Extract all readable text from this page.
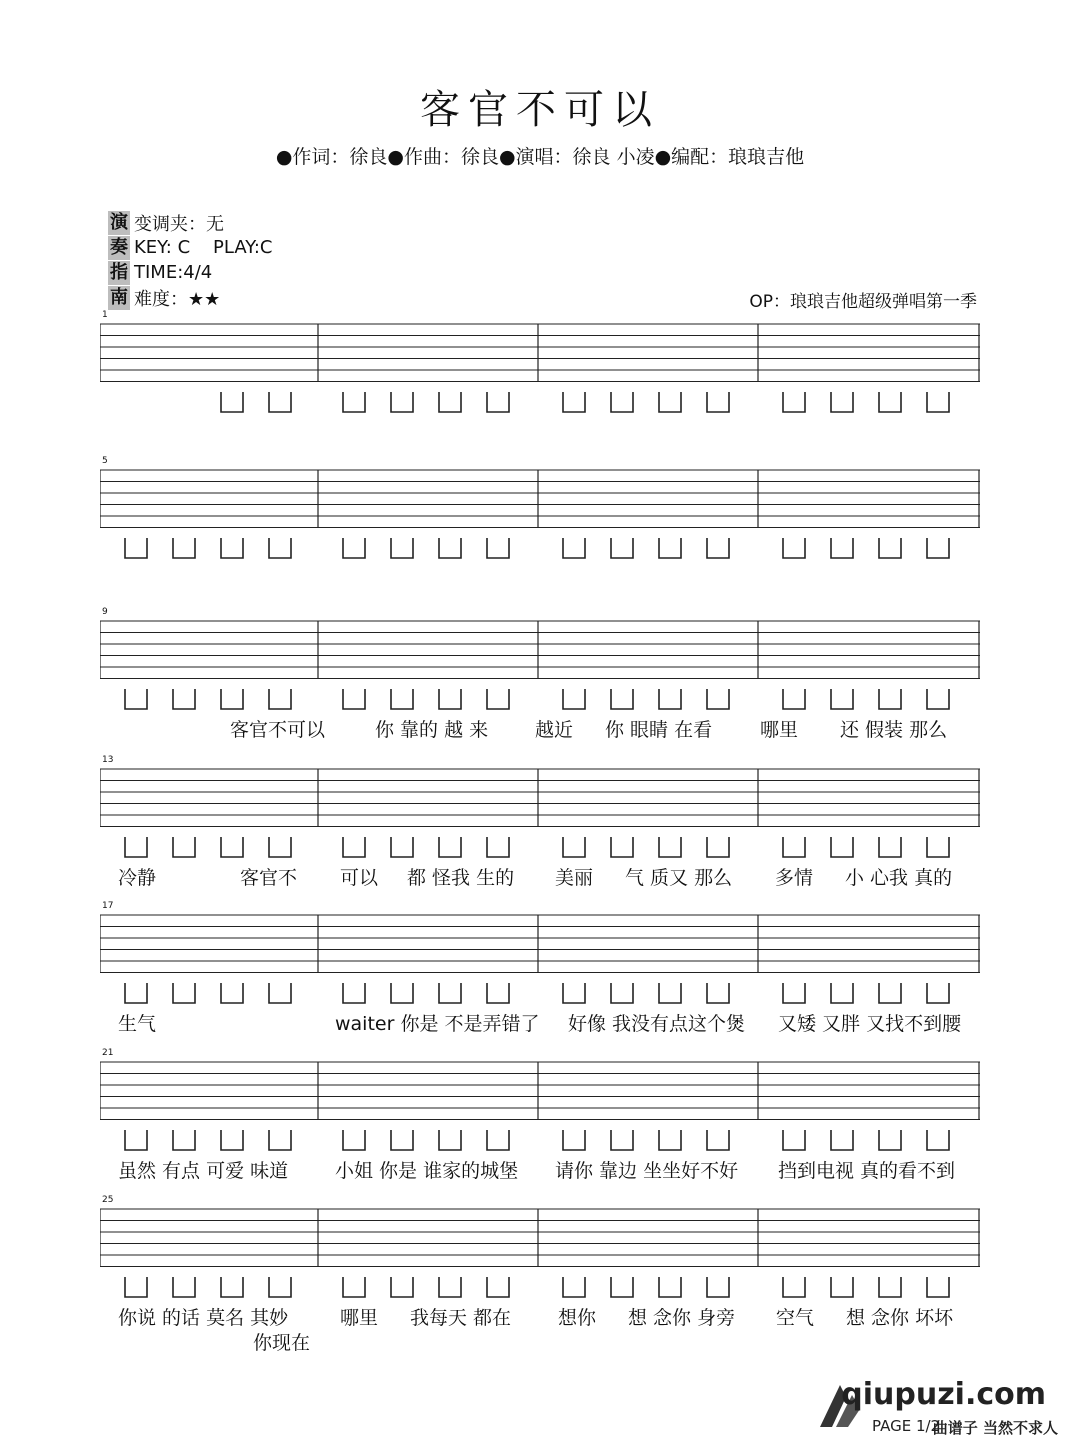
客官不可以
●作词：徐良●作曲：徐良●演唱：徐良 小凌●编配：琅琅吉他
演 变调夹：无
奏 KEY: C    PLAY:C
指 TIME:4/4
南 难度：★★	OP：琅琅吉他超级弹唱第一季
1
5
9
客官不可以	你 靠的 越 来 越近 你 眼睛 在看	哪里 还 假装 那么
13
冷静	客官不 可以 都 怪我 生的 美丽 气 质又 那么 多情 小 心我 真的
17
生气	waiter 你是 不是弄错了 好像 我没有点这个煲 又矮 又胖 又找不到腰
21
虽然 有点 可爱 味道 小姐 你是 谁家的城堡 请你 靠边 坐坐好不好 挡到电视 真的看不到
25
你说 的话 莫名 其妙	哪里 我每天 都在 想你 想 念你 身旁 空气 想 念你 坏坏
你现在
qiupuzi.com
PAGE 1/2
曲谱子 当然不求人
